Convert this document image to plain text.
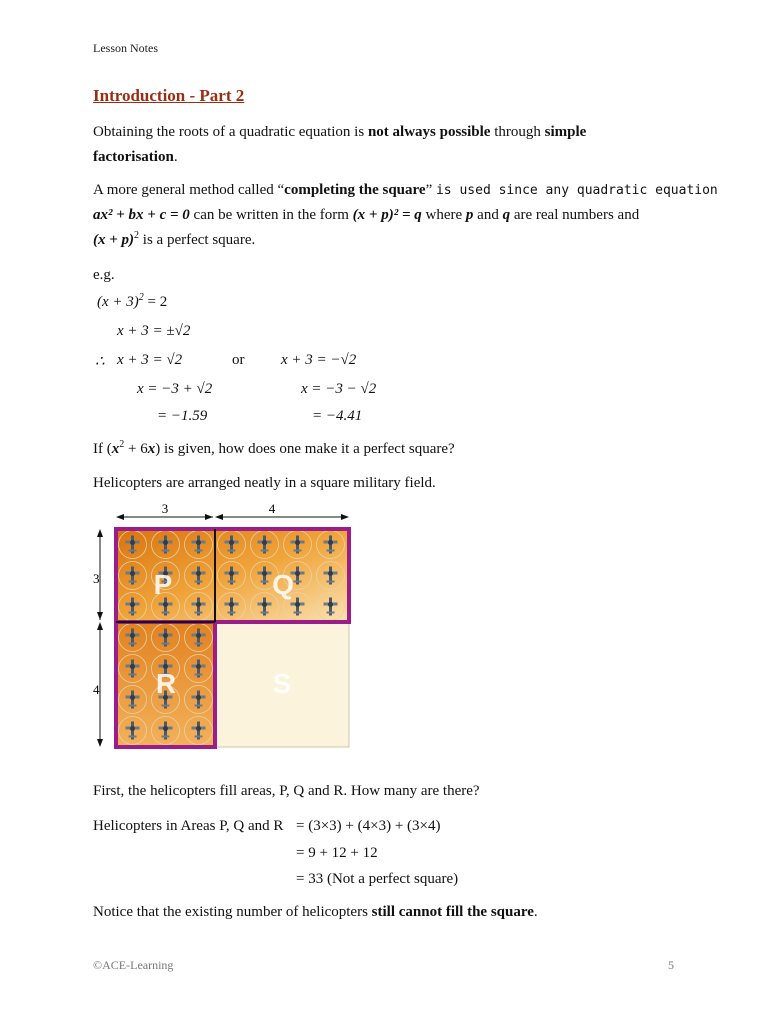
Lesson Notes
Introduction - Part 2
Obtaining the roots of a quadratic equation is not always possible through simple
factorisation.
A more general method called “completing the square” is used since any quadratic equation
ax² + bx + c = 0 can be written in the form (x + p)² = q where p and q are real numbers and
$(x + p)^2$ is a perfect square.
e.g.
$(x + 3)^2 = 2$
x + 3 = ±√2
∴ x + 3 = √2	or x + 3 = −√2
x = −3 + √2	x = −3 − √2
= −1.59	= −4.41
If $(x^2 + 6x)$ is given, how does one make it a perfect square?
Helicopters are arranged neatly in a square military field.
P	Q
R	S
3	4
3
4
First, the helicopters fill areas, P, Q and R. How many are there?
Helicopters in Areas P, Q and R = (3×3) + (4×3) + (3×4)
= 9 + 12 + 12
= 33 (Not a perfect square)
Notice that the existing number of helicopters still cannot fill the square.
©ACE-Learning	5
